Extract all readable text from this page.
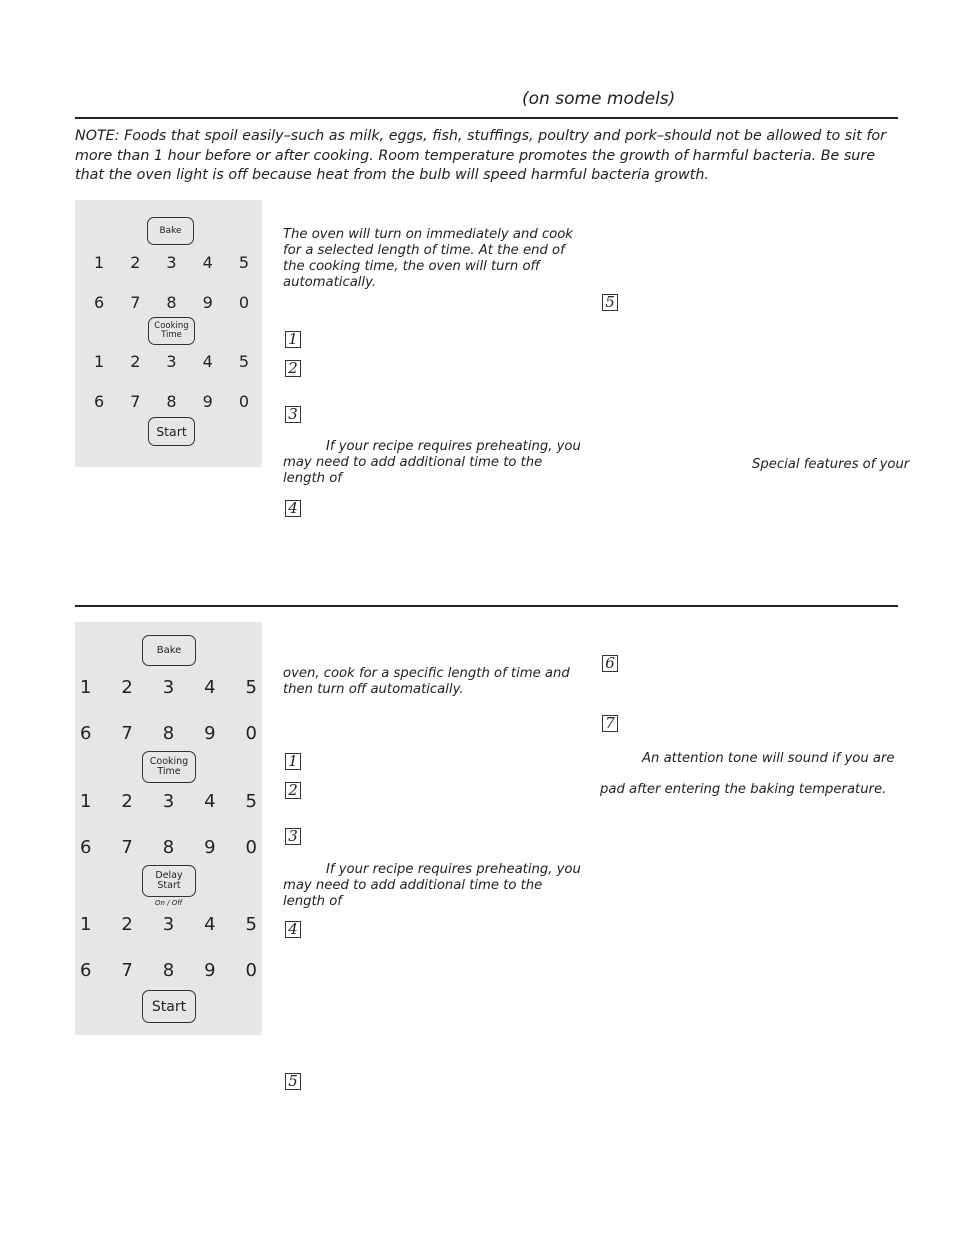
(on some models)
NOTE: Foods that spoil easily–such as milk, eggs, fish, stuffings, poultry and pork–should not be allowed to sit for more than 1 hour before or after cooking. Room temperature promotes the growth of harmful bacteria. Be sure that the oven light is off because heat from the bulb will speed harmful bacteria growth.
Bake
1 2 3 4 5
6 7 8 9 0
Cooking Time
1 2 3 4 5
6 7 8 9 0
Start
The oven will turn on immediately and cook for a selected length of time. At the end of the cooking time, the oven will turn off automatically.
1
2
3
If your recipe requires preheating, you may need to add additional time to the length of
4
5
Special features of your
Bake
1 2 3 4 5
6 7 8 9 0
Cooking Time
1 2 3 4 5
6 7 8 9 0
Delay Start
On / Off
1 2 3 4 5
6 7 8 9 0
Start
oven, cook for a specific length of time and then turn off automatically.
1
2
3
If your recipe requires preheating, you may need to add additional time to the length of
4
5
6
7
An attention tone will sound if you are
pad after entering the baking temperature.
